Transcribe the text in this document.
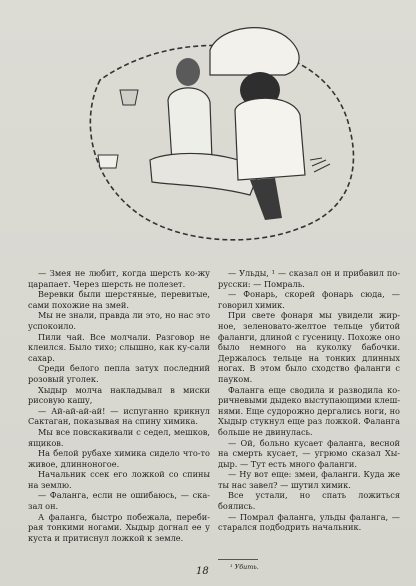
— Змея не любит, когда шерсть ко-жу царапает. Через шерсть не полезет.

Веревки были шерстяные, перевитые, сами похожие на змей.

Мы не знали, правда ли это, но нас это успокоило.

Пили чай. Все молчали. Разговор не клеился. Было тихо; слышно, как ку-сали сахар.

Среди белого пепла затух последний розовый уголек.

Хыдыр молча накладывал в миски рисовую кашу,

— Ай-ай-ай-ай! — испуганно крикнул Сактаган, показывая на спину химика.

Мы все повскакивали с седел, мешков, ящиков.

На белой рубахе химика сидело что-то живое, длинноногое.

Начальник ссек его ложкой со спины на землю.

— Фаланга, если не ошибаюсь, — ска-зал он.

А фаланга, быстро побежала, переби-рая тонкими ногами. Хыдыр догнал ее у куста и притиснул ложкой к земле.

— Ульды, ¹ — сказал он и прибавил по-русски: — Помраль.

— Фонарь, скорей фонарь сюда, — говорил химик.

При свете фонаря мы увидели жир-ное, зеленовато-желтое тельце убитой фаланги, длиной с гусеницу. Похоже оно было немного на куколку бабочки. Держалось тельце на тонких длинных ногах. В этом было сходство фаланги с пауком.

Фаланга еще сводила и разводила ко-ричневыми дыдеко выступающими клеш-нями. Еще судорожно дергались ноги, но Хыдыр стукнул еще раз ложкой. Фаланга больше не двинулась.

— Ой, больно кусает фаланга, весной на смерть кусает, — угрюмо сказал Хы-дыр. — Тут есть много фаланги.

— Ну вот еще: змеи, фаланги. Куда же ты нас завел? — шутил химик.

Все устали, но спать ложиться боялись.

— Помрал фаланга, ульды фаланга, — старался подбодрить начальник.

¹ Убить.
18
